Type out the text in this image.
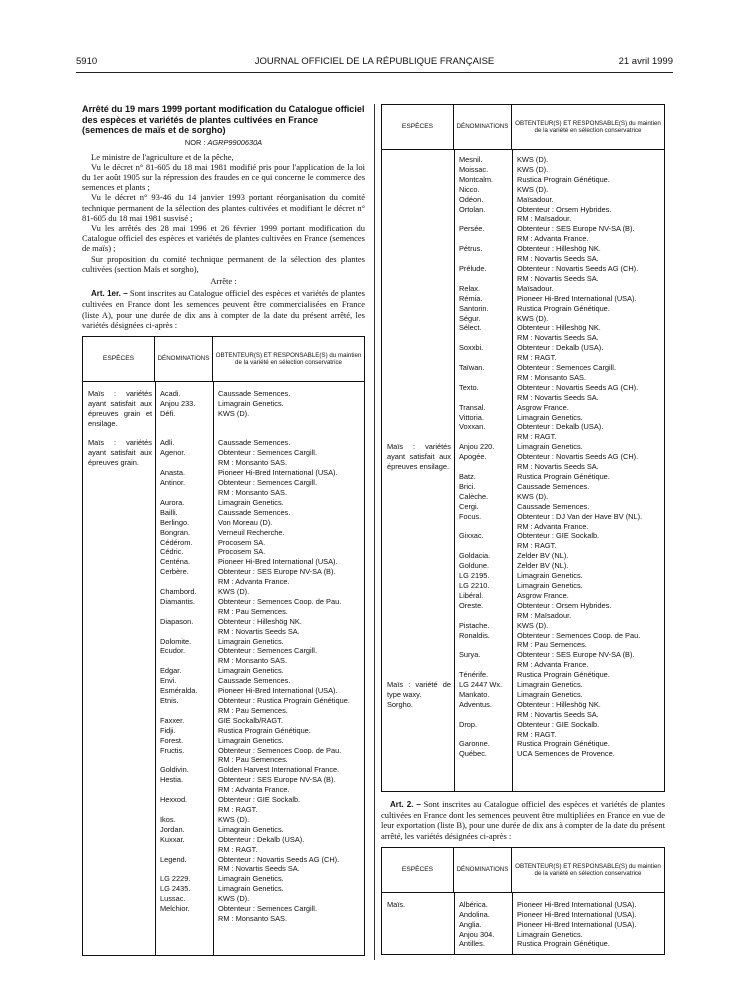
5910	JOURNAL OFFICIEL DE LA RÉPUBLIQUE FRANÇAISE	21 avril 1999

Arrêté du 19 mars 1999 portant modification du Catalogue officiel des espèces et variétés de plantes cultivées en France (semences de maïs et de sorgho)

NOR : AGRP9900630A

Le ministre de l'agriculture et de la pêche,

Vu le décret n° 81-605 du 18 mai 1981 modifié pris pour l'application de la loi du 1er août 1905 sur la répression des fraudes en ce qui concerne le commerce des semences et plants ;

Vu le décret n° 93-46 du 14 janvier 1993 portant réorganisation du comité technique permanent de la sélection des plantes cultivées et modifiant le décret n° 81-605 du 18 mai 1981 susvisé ;

Vu les arrêtés des 28 mai 1996 et 26 février 1999 portant modification du Catalogue officiel des espèces et variétés de plantes cultivées en France (semences de maïs) ;

Sur proposition du comité technique permanent de la sélection des plantes cultivées (section Maïs et sorgho),

Arrête :

Art. 1er. – Sont inscrites au Catalogue officiel des espèces et variétés de plantes cultivées en France dont les semences peuvent être commercialisées en France (liste A), pour une durée de dix ans à compter de la date du présent arrêté, les variétés désignées ci-après :

ESPÈCES	DÉNOMINATIONS
OBTENTEUR(S) ET RESPONSABLE(S) du maintien de la variété en sélection conservatrice
Maïs : variétés ayant satisfait aux épreuves grain et ensilage.
Acadi.	Caussade Semences.
Anjou 233.	Limagrain Genetics.
Défi.	KWS (D).
Maïs : variétés ayant satisfait aux épreuves grain.
Adli.	Caussade Semences.
Agenor.	Obtenteur : Semences Cargill.
RM : Monsanto SAS.
Anasta.	Pioneer Hi-Bred International (USA).
Antinor.	Obtenteur : Semences Cargill.
RM : Monsanto SAS.
Aurora.	Limagrain Genetics.
Bailli.	Caussade Semences.
Berlingo.	Von Moreau (D).
Bongran.	Verneuil Recherche.
Cédérom.	Procosem SA.
Cédric.	Procosem SA.
Centéna.	Pioneer Hi-Bred International (USA).
Cerbère.	Obtenteur : SES Europe NV-SA (B).
RM : Advanta France.
Chambord.	KWS (D).
Diamantis.	Obtenteur : Semences Coop. de Pau.
RM : Pau Semences.
Diapason.	Obtenteur : Hilleshög NK.
RM : Novartis Seeds SA.
Dolomite.	Limagrain Genetics.
Ecudor.	Obtenteur : Semences Cargill.
RM : Monsanto SAS.
Edgar.	Limagrain Genetics.
Envi.	Caussade Semences.
Esméralda.	Pioneer Hi-Bred International (USA).
Etnis.	Obtenteur : Rustica Prograin Génétique.
RM : Pau Semences.
Faxxer.	GIE Sockalb/RAGT.
Fidji.	Rustica Prograin Génétique.
Forest.	Limagrain Genetics.
Fructis.	Obtenteur : Semences Coop. de Pau.
RM : Pau Semences.
Goldivin.	Golden Harvest International France.
Hestia.	Obtenteur : SES Europe NV-SA (B).
RM : Advanta France.
Hexxod.	Obtenteur : GIE Sockalb.
RM : RAGT.
Ikos.	KWS (D).
Jordan.	Limagrain Genetics.
Kuxxar.	Obtenteur : Dekalb (USA).
RM : RAGT.
Legend.	Obtenteur : Novartis Seeds AG (CH).
RM : Novartis Seeds SA.
LG 2229.	Limagrain Genetics.
LG 2435.	Limagrain Genetics.
Lussac.	KWS (D).
Melchior.	Obtenteur : Semences Cargill.
RM : Monsanto SAS.
ESPÈCES	DÉNOMINATIONS
OBTENTEUR(S) ET RESPONSABLE(S) du maintien de la variété en sélection conservatrice
Mesnil.	KWS (D).
Moissac.	KWS (D).
Montcalm.	Rustica Prograin Génétique.
Nicco.	KWS (D).
Odéon.	Maïsadour.
Ortolan.	Obtenteur : Orsem Hybrides.
RM : Maïsadour.
Persée.	Obtenteur : SES Europe NV-SA (B).
RM : Advanta France.
Pétrus.	Obtenteur : Hilleshög NK.
RM : Novartis Seeds SA.
Prélude.	Obtenteur : Novartis Seeds AG (CH).
RM : Novartis Seeds SA.
Relax.	Maïsadour.
Rémia.	Pioneer Hi-Bred International (USA).
Santorin.	Rustica Prograin Génétique.
Ségur.	KWS (D).
Sélect.	Obtenteur : Hilleshög NK.
RM : Novartis Seeds SA.
Soxxbi.	Obtenteur : Dekalb (USA).
RM : RAGT.
Taïwan.	Obtenteur : Semences Cargill.
RM : Monsanto SAS.
Texto.	Obtenteur : Novartis Seeds AG (CH).
RM : Novartis Seeds SA.
Transal.	Asgrow France.
Vittoria.	Limagrain Genetics.
Voxxan.	Obtenteur : Dekalb (USA).
RM : RAGT.
Maïs : variétés ayant satisfait aux épreuves ensilage.
Anjou 220.	Limagrain Genetics.
Apogée.	Obtenteur : Novartis Seeds AG (CH).
RM : Novartis Seeds SA.
Batz.	Rustica Prograin Génétique.
Brici.	Caussade Semences.
Calèche.	KWS (D).
Cergi.	Caussade Semences.
Focus.	Obtenteur : DJ Van der Have BV (NL).
RM : Advanta France.
Gixxac.	Obtenteur : GIE Sockalb.
RM : RAGT.
Goldacia.	Zelder BV (NL).
Goldune.	Zelder BV (NL).
LG 2195.	Limagrain Genetics.
LG 2210.	Limagrain Genetics.
Libéral.	Asgrow France.
Oreste.	Obtenteur : Orsem Hybrides.
RM : Maïsadour.
Pistache.	KWS (D).
Ronaldis.	Obtenteur : Semences Coop. de Pau.
RM : Pau Semences.
Surya.	Obtenteur : SES Europe NV-SA (B).
RM : Advanta France.
Ténérife.	Rustica Prograin Génétique.
Maïs : variété de type waxy.
LG 2447 Wx.	Limagrain Genetics.
Mankato.	Limagrain Genetics.
Sorgho.	Adventus.	Obtenteur : Hilleshög NK.
RM : Novartis Seeds SA.
Drop.	Obtenteur : GIE Sockalb.
RM : RAGT.
Garonne.	Rustica Prograin Génétique.
Québec.	UCA Semences de Provence.

Art. 2. – Sont inscrites au Catalogue officiel des espèces et variétés de plantes cultivées en France dont les semences peuvent être multipliées en France en vue de leur exportation (liste B), pour une durée de dix ans à compter de la date du présent arrêté, les variétés désignées ci-après :

ESPÈCES	DÉNOMINATIONS
OBTENTEUR(S) ET RESPONSABLE(S) du maintien de la variété en sélection conservatrice
Maïs.	Albérica.	Pioneer Hi-Bred International (USA).
Andolina.	Pioneer Hi-Bred International (USA).
Anglia.	Pioneer Hi-Bred International (USA).
Anjou 304.	Limagrain Genetics.
Antilles.	Rustica Prograin Génétique.
